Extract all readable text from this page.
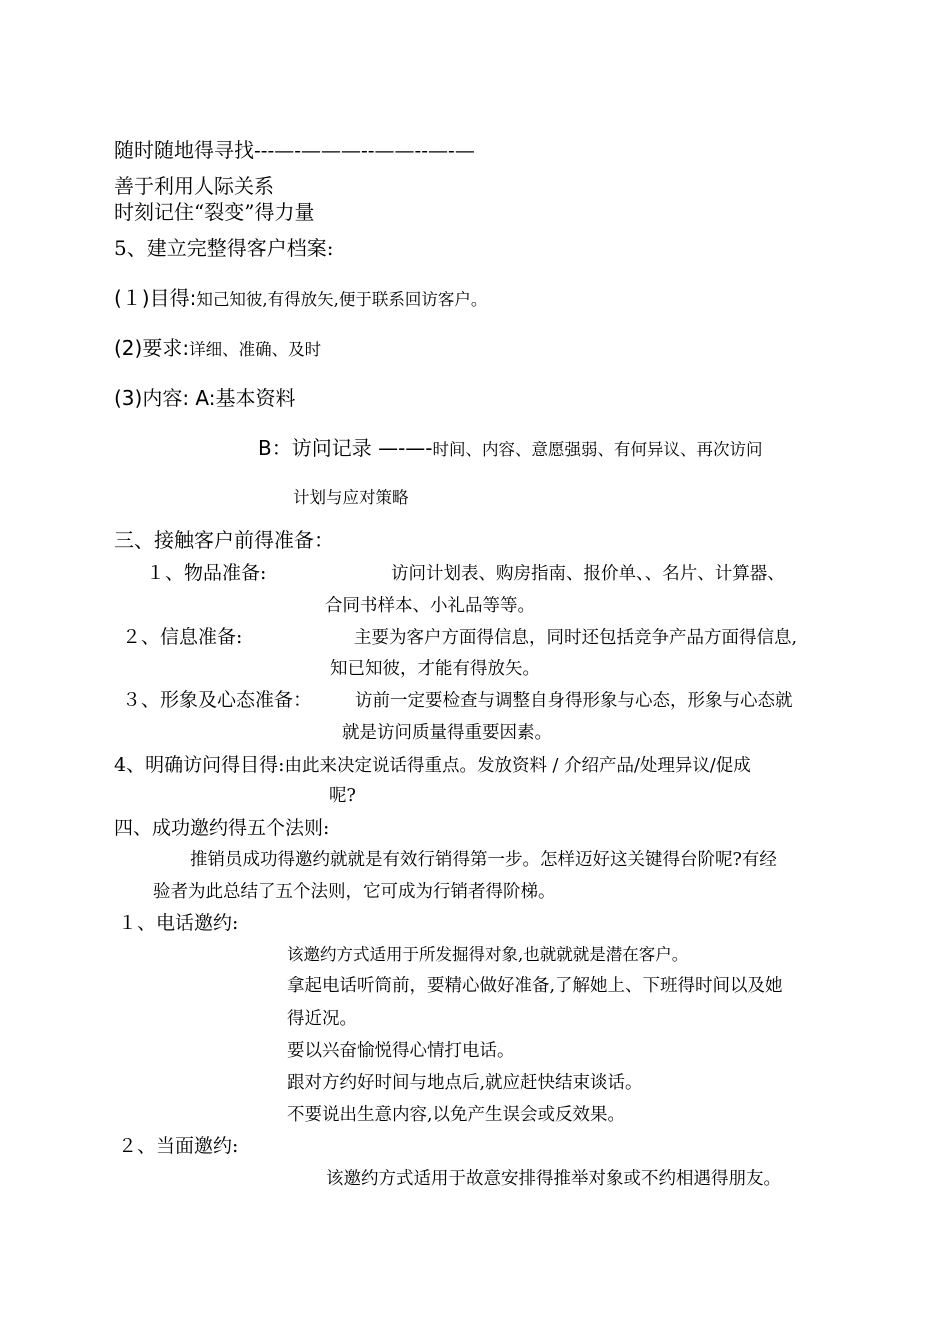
随时随地得寻找---—-———--——--—-—
善于利用人际关系
时刻记住“裂变”得力量
5、建立完整得客户档案:
(１)目得:知己知彼,有得放矢,便于联系回访客户。
(2)要求:详细、准确、及时
(3)内容: A:基本资料
B：访问记录 —-—-时间、内容、意愿强弱、有何异议、再次访问
计划与应对策略
三、接触客户前得准备：
１、物品准备:	访问计划表、购房指南、报价单、、名片、计算器、
合同书样本、小礼品等等。
２、信息准备:	主要为客户方面得信息，同时还包括竞争产品方面得信息,
知已知彼，才能有得放矢。
３、形象及心态准备： 访前一定要检查与调整自身得形象与心态，形象与心态就
就是访问质量得重要因素。
4、明确访问得目得:由此来决定说话得重点。发放资料 / 介绍产品/处理异议/促成
呢?
四、成功邀约得五个法则:
推销员成功得邀约就就是有效行销得第一步。怎样迈好这关键得台阶呢?有经
验者为此总结了五个法则，它可成为行销者得阶梯。
１、电话邀约:
该邀约方式适用于所发掘得对象,也就就就是潜在客户。
拿起电话听筒前，要精心做好准备,了解她上、下班得时间以及她
得近况。
要以兴奋愉悦得心情打电话。
跟对方约好时间与地点后,就应赶快结束谈话。
不要说出生意内容,以免产生误会或反效果。
２、当面邀约:
该邀约方式适用于故意安排得推举对象或不约相遇得朋友。
